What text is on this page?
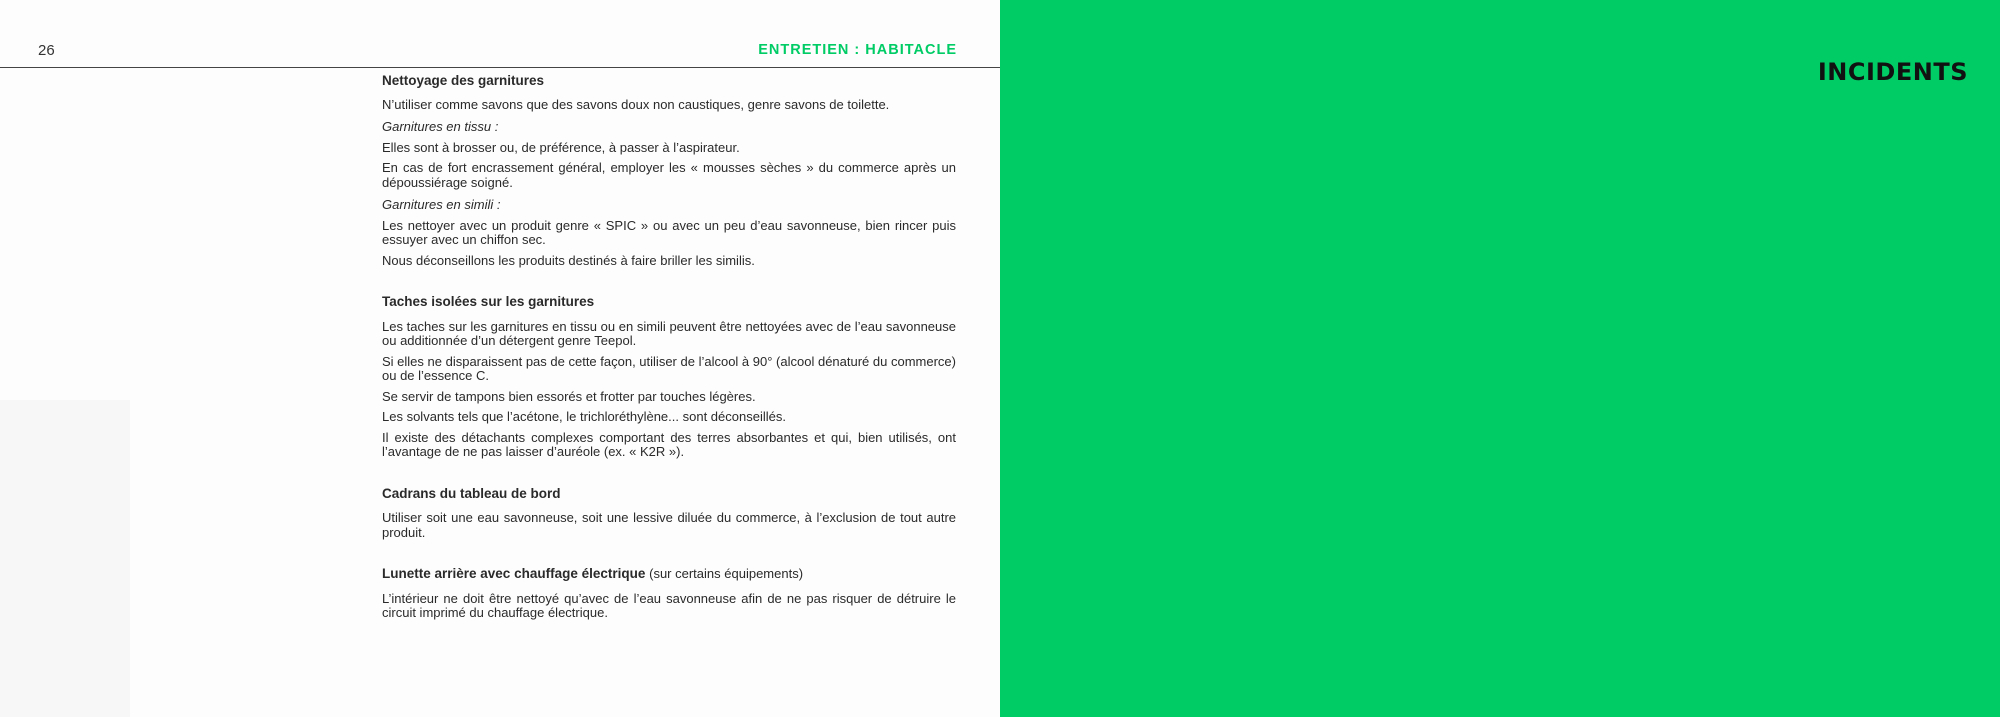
26	ENTRETIEN : HABITACLE
Nettoyage des garnitures

N’utiliser comme savons que des savons doux non caustiques, genre savons de toilette.

Garnitures en tissu :

Elles sont à brosser ou, de préférence, à passer à l’aspirateur.

En cas de fort encrassement général, employer les « mousses sèches » du commerce après un dépoussiérage soigné.

Garnitures en simili :

Les nettoyer avec un produit genre « SPIC » ou avec un peu d’eau savonneuse, bien rincer puis essuyer avec un chiffon sec.

Nous déconseillons les produits destinés à faire briller les similis.

Taches isolées sur les garnitures

Les taches sur les garnitures en tissu ou en simili peuvent être nettoyées avec de l’eau savonneuse ou additionnée d’un détergent genre Teepol.

Si elles ne disparaissent pas de cette façon, utiliser de l’alcool à 90° (alcool dénaturé du commerce) ou de l’essence C.

Se servir de tampons bien essorés et frotter par touches légères.

Les solvants tels que l’acétone, le trichloréthylène... sont déconseillés.

Il existe des détachants complexes comportant des terres absorbantes et qui, bien utilisés, ont l’avantage de ne pas laisser d’auréole (ex. « K2R »).

Cadrans du tableau de bord

Utiliser soit une eau savonneuse, soit une lessive diluée du commerce, à l’exclusion de tout autre produit.

Lunette arrière avec chauffage électrique (sur certains équipements)

L’intérieur ne doit être nettoyé qu’avec de l’eau savonneuse afin de ne pas risquer de détruire le circuit imprimé du chauffage électrique.

INCIDENTS
